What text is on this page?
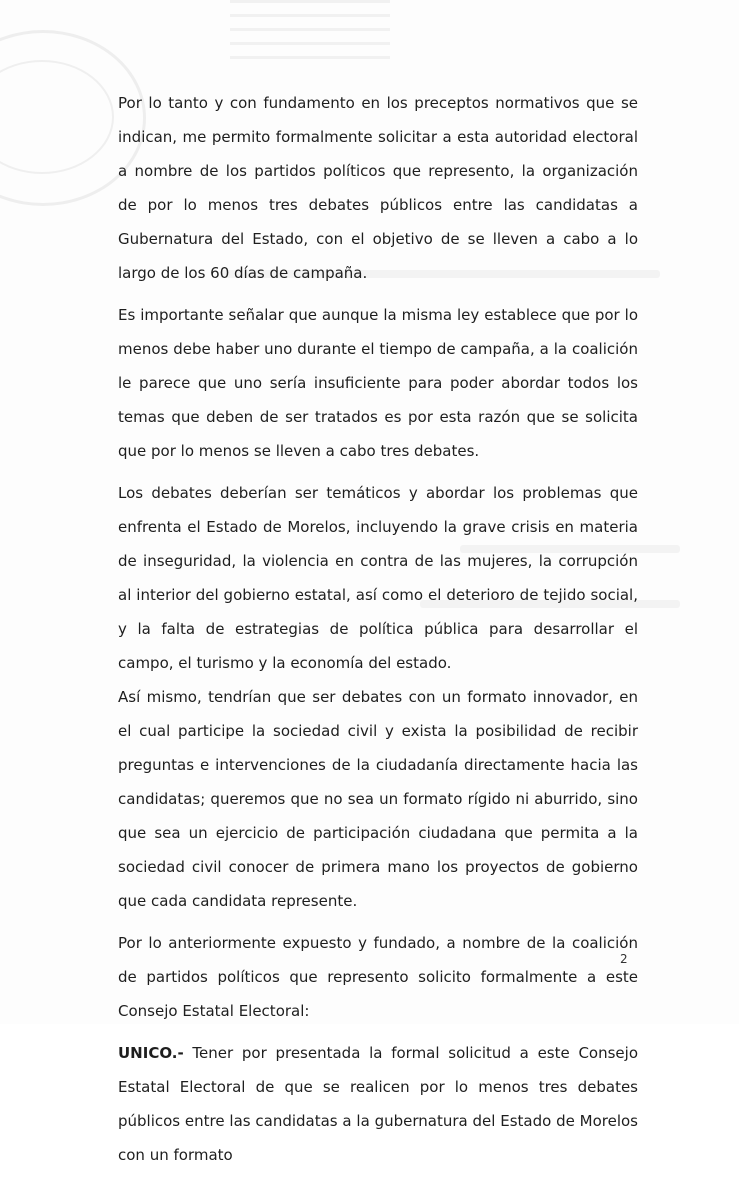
Por lo tanto y con fundamento en los preceptos normativos que se indican, me permito formalmente solicitar a esta autoridad electoral a nombre de los partidos políticos que represento, la organización de por lo menos tres debates públicos entre las candidatas a Gubernatura del Estado, con el objetivo de se lleven a cabo a lo largo de los 60 días de campaña.

Es importante señalar que aunque la misma ley establece que por lo menos debe haber uno durante el tiempo de campaña, a la coalición le parece que uno sería insuficiente para poder abordar todos los temas que deben de ser tratados es por esta razón que se solicita que por lo menos se lleven a cabo tres debates.

Los debates deberían ser temáticos y abordar los problemas que enfrenta el Estado de Morelos, incluyendo la grave crisis en materia de inseguridad, la violencia en contra de las mujeres, la corrupción al interior del gobierno estatal, así como el deterioro de tejido social, y la falta de estrategias de política pública para desarrollar el campo, el turismo y la economía del estado.

Así mismo, tendrían que ser debates con un formato innovador, en el cual participe la sociedad civil y exista la posibilidad de recibir preguntas e intervenciones de la ciudadanía directamente hacia las candidatas; queremos que no sea un formato rígido ni aburrido, sino que sea un ejercicio de participación ciudadana que permita a la sociedad civil conocer de primera mano los proyectos de gobierno que cada candidata represente.

Por lo anteriormente expuesto y fundado, a nombre de la coalición de partidos políticos que represento solicito formalmente a este Consejo Estatal Electoral:

UNICO.- Tener por presentada la formal solicitud a este Consejo Estatal Electoral de que se realicen por lo menos tres debates públicos entre las candidatas a la gubernatura del Estado de Morelos con un formato

2
